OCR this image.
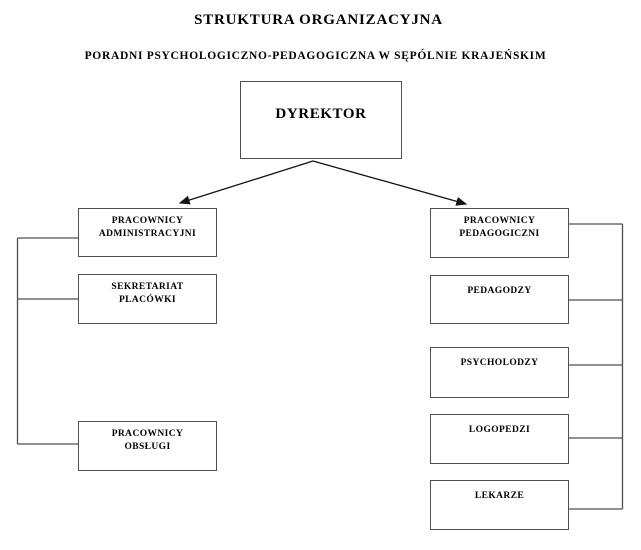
STRUKTURA ORGANIZACYJNA
PORADNI PSYCHOLOGICZNO-PEDAGOGICZNA W SĘPÓLNIE KRAJEŃSKIM
DYREKTOR
PRACOWNICY
ADMINISTRACYJNI
SEKRETARIAT
PLACÓWKI
PRACOWNICY
OBSŁUGI
PRACOWNICY
PEDAGOGICZNI
PEDAGODZY
PSYCHOLODZY
LOGOPEDZI
LEKARZE
